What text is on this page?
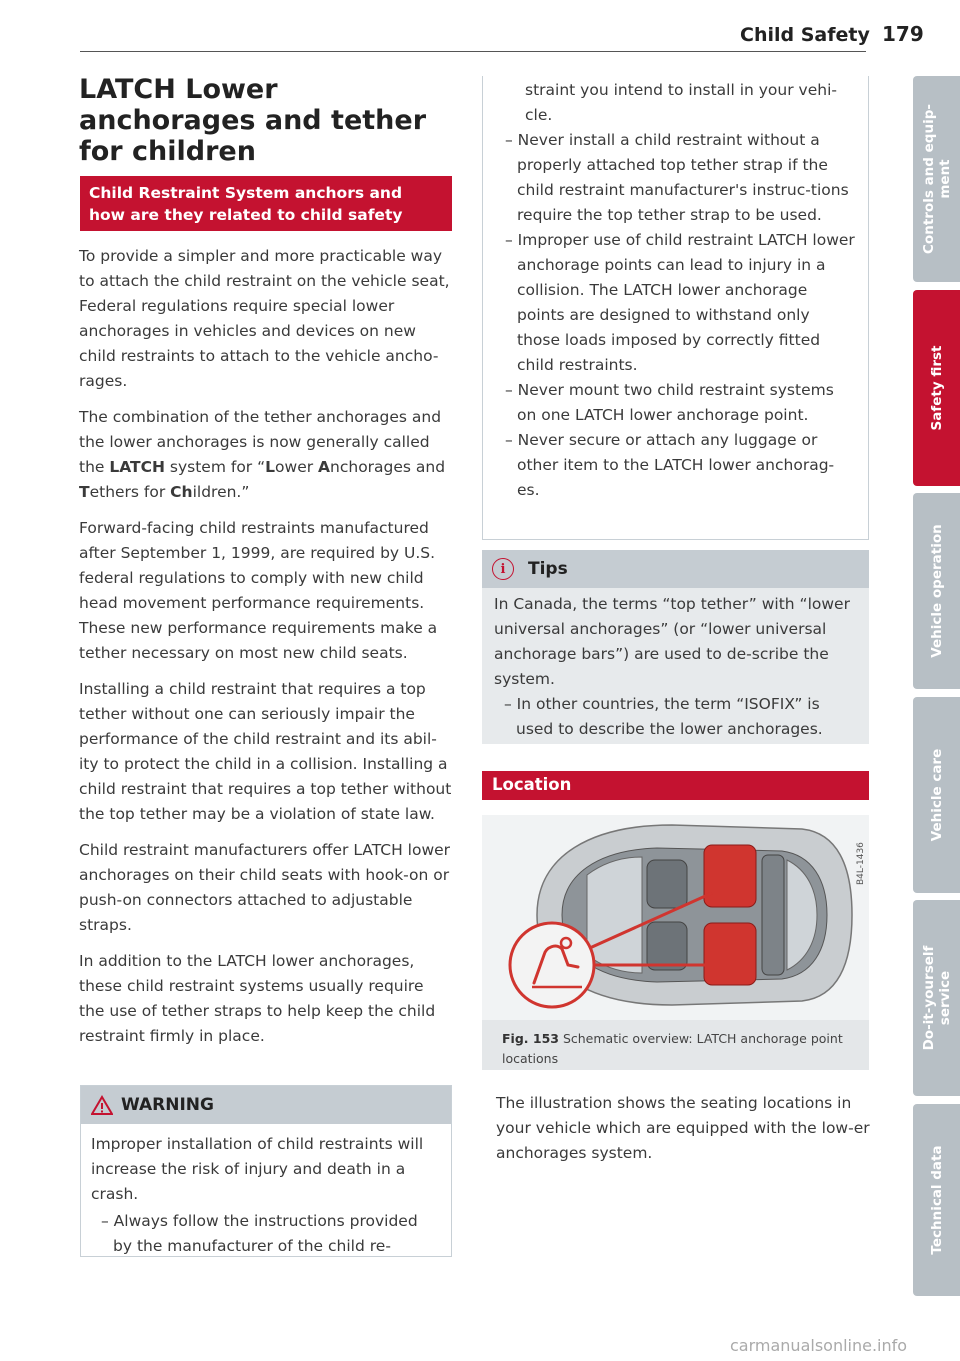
Child Safety 179
LATCH Lower
anchorages and tether
for children
Child Restraint System anchors and how are they related to child safety

To provide a simpler and more practicable way to attach the child restraint on the vehicle seat, Federal regulations require special lower anchorages in vehicles and devices on new child restraints to attach to the vehicle ancho-rages.

The combination of the tether anchorages and the lower anchorages is now generally called the LATCH system for “Lower Anchorages and Tethers for Children.”

Forward-facing child restraints manufactured after September 1, 1999, are required by U.S. federal regulations to comply with new child head movement performance requirements. These new performance requirements make a tether necessary on most new child seats.

Installing a child restraint that requires a top tether without one can seriously impair the performance of the child restraint and its abil-ity to protect the child in a collision. Installing a child restraint that requires a top tether without the top tether may be a violation of state law.

Child restraint manufacturers offer LATCH lower anchorages on their child seats with hook-on or push-on connectors attached to adjustable straps.

In addition to the LATCH lower anchorages, these child restraint systems usually require the use of tether straps to help keep the child restraint firmly in place.

WARNING

Improper installation of child restraints will increase the risk of injury and death in a crash.

– Always follow the instructions provided by the manufacturer of the child re-

straint you intend to install in your vehi-cle.

– Never install a child restraint without a properly attached top tether strap if the child restraint manufacturer's instruc-tions require the top tether strap to be used.

– Improper use of child restraint LATCH lower anchorage points can lead to injury in a collision. The LATCH lower anchorage points are designed to withstand only those loads imposed by correctly fitted child restraints.

– Never mount two child restraint systems on one LATCH lower anchorage point.

– Never secure or attach any luggage or other item to the LATCH lower anchorag-es.

i	Tips

In Canada, the terms “top tether” with “lower universal anchorages” (or “lower universal anchorage bars”) are used to de-scribe the system.

– In other countries, the term “ISOFIX” is used to describe the lower anchorages.

Location
B4L-1436
Fig. 153 Schematic overview: LATCH anchorage point locations
The illustration shows the seating locations in your vehicle which are equipped with the low-er anchorages system.
Controls and equip-
ment
Safety first
Vehicle operation
Vehicle care
Do-it-yourself
service
Technical data
carmanualsonline.info
